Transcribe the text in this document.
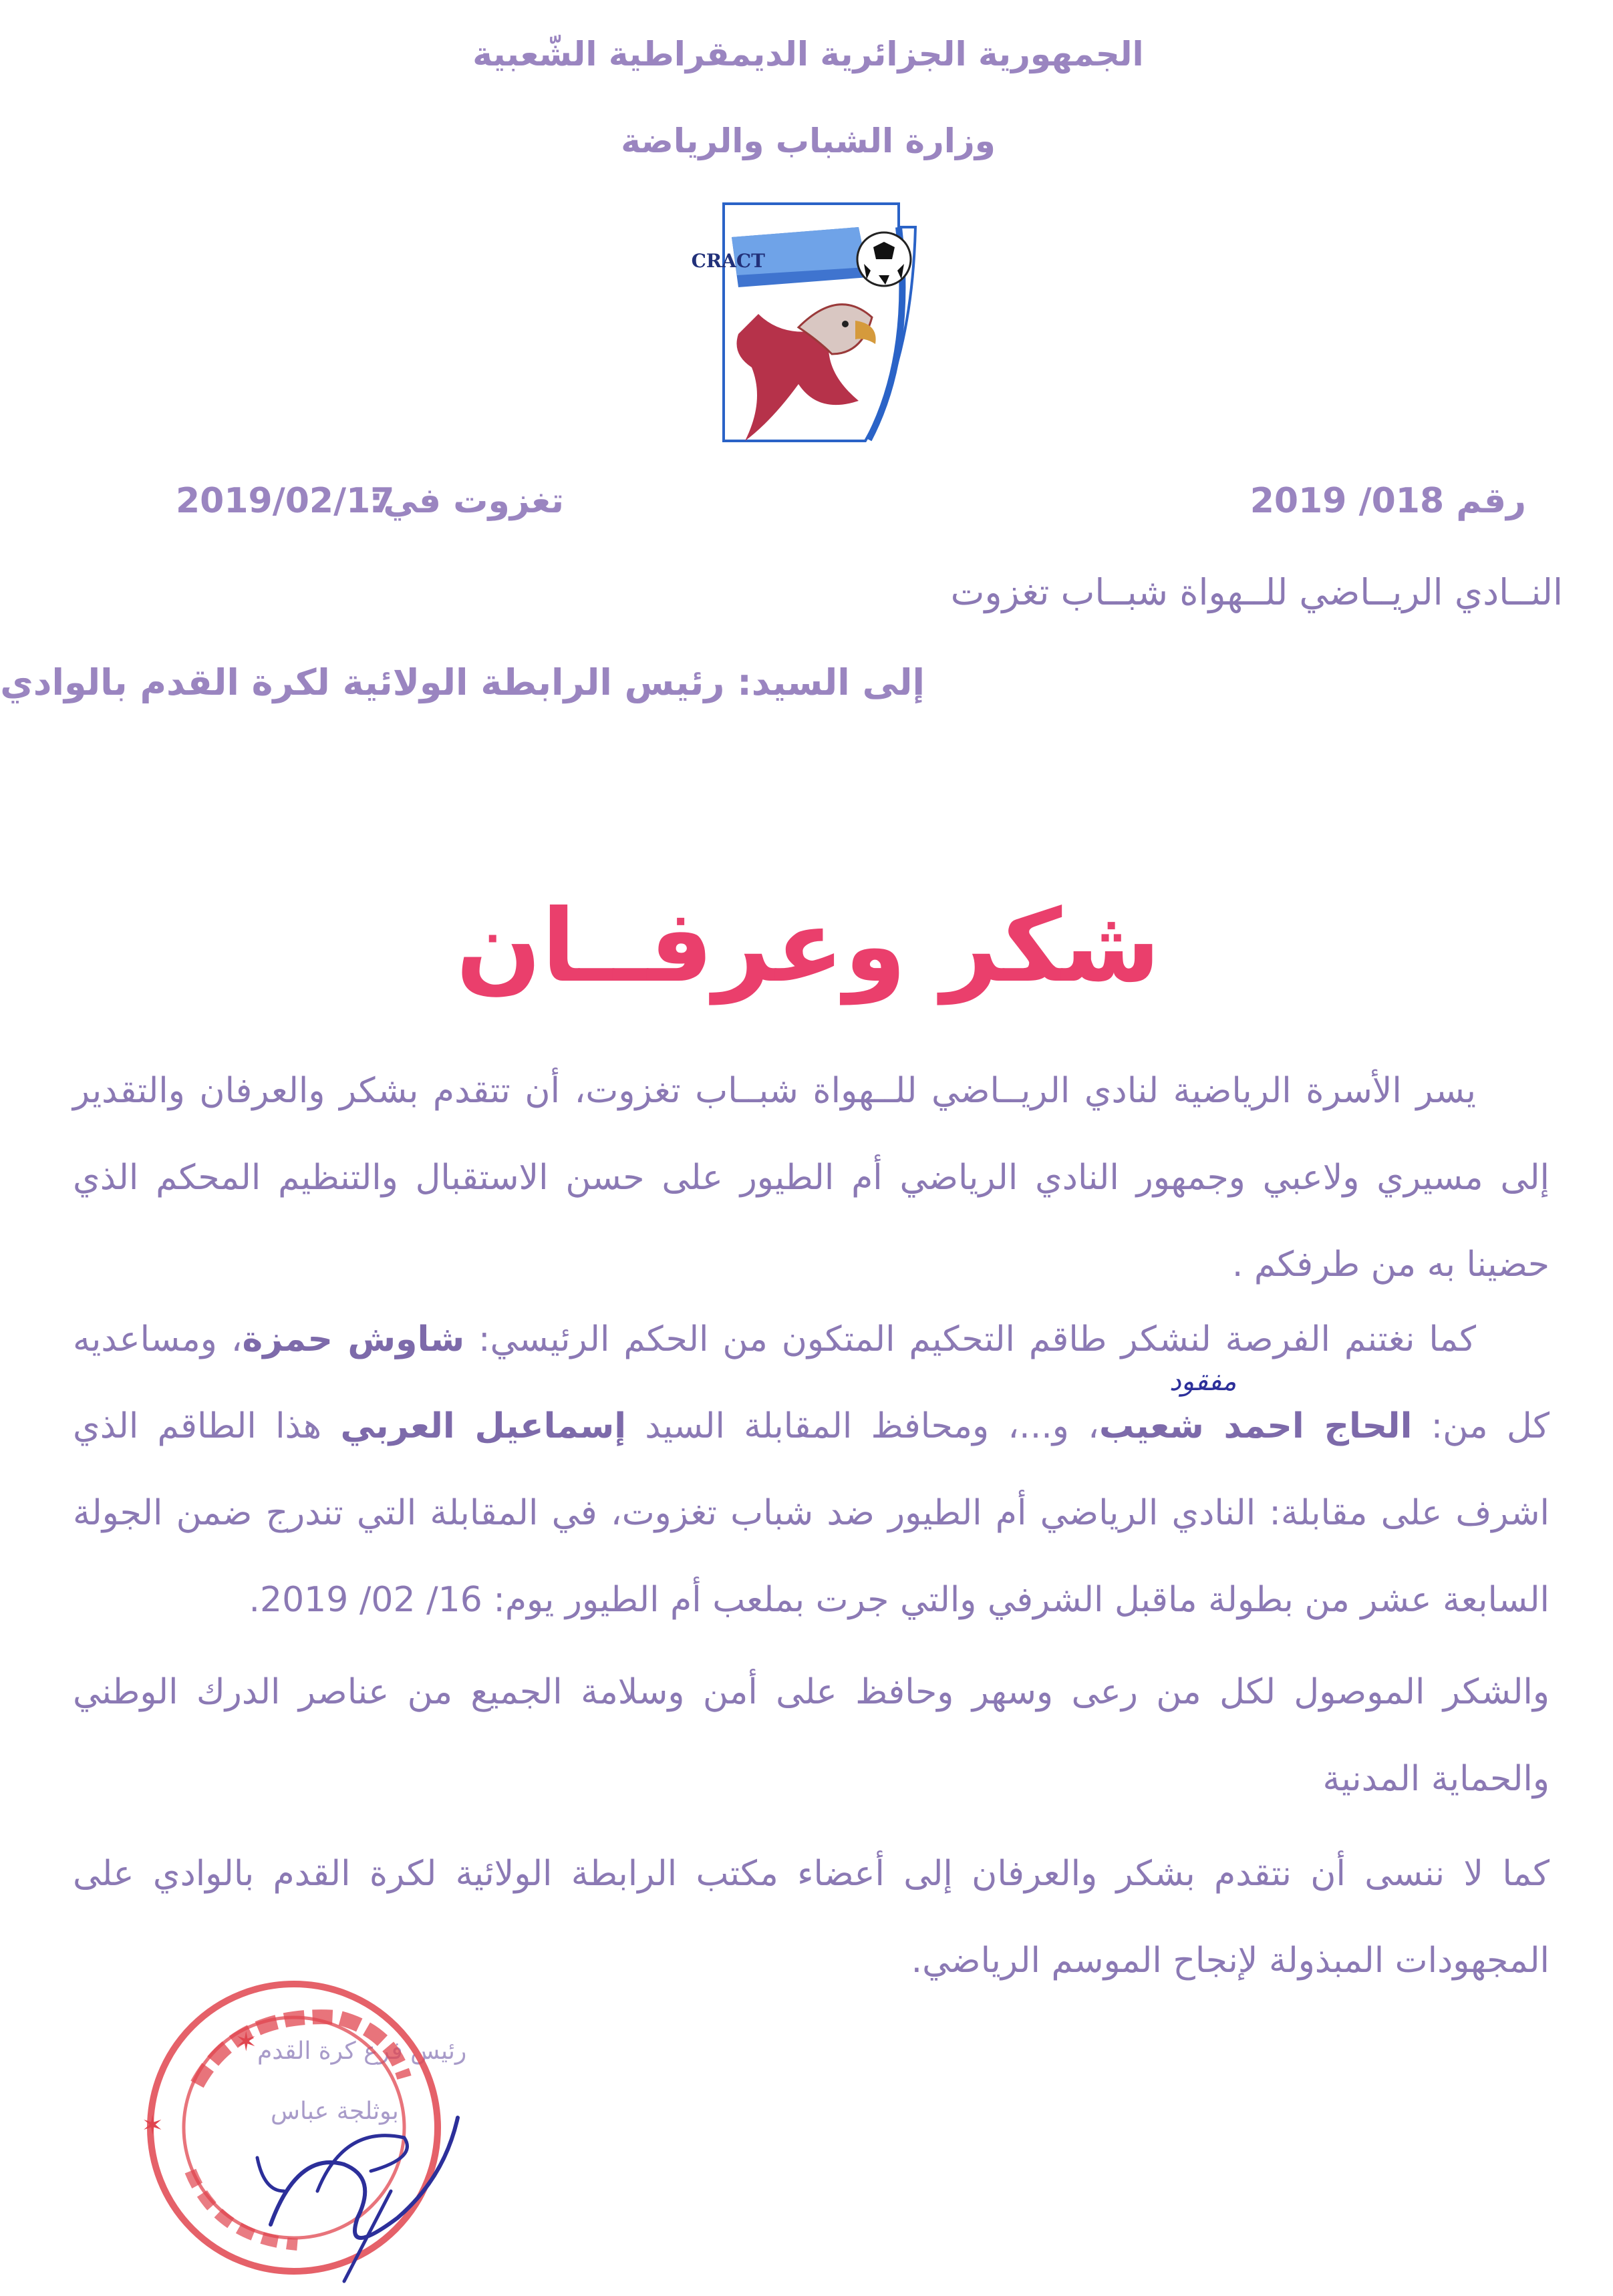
الجمهورية الجزائرية الديمقراطية الشّعبية
وزارة الشباب والرياضة
CRACT
رقم 018/ 2019
تغزوت في:
2019/02/17
النــادي الريــاضي للــهواة شبــاب تغزوت
إلى السيد: رئيس الرابطة الولائية لكرة القدم بالوادي
شكر وعرفــان
يسر الأسرة الرياضية لنادي الريــاضي للــهواة شبــاب تغزوت، أن تتقدم بشكر والعرفان والتقدير إلى مسيري ولاعبي وجمهور النادي الرياضي أم الطيور على حسن الاستقبال والتنظيم المحكم الذي حضينا به من طرفكم .
كما نغتنم الفرصة لنشكر طاقم التحكيم المتكون من الحكم الرئيسي: شاوش حمزة، ومساعديه كل من: الحاج احمد شعيب، و...، ومحافظ المقابلة السيد إسماعيل العربي هذا الطاقم الذي اشرف على مقابلة: النادي الرياضي أم الطيور ضد شباب تغزوت، في المقابلة التي تندرج ضمن الجولة السابعة عشر من بطولة ماقبل الشرفي والتي جرت بملعب أم الطيور يوم: 16/ 02/ 2019.
مفقود
والشكر الموصول لكل من رعى وسهر وحافظ على أمن وسلامة الجميع من عناصر الدرك الوطني والحماية المدنية
كما لا ننسى أن نتقدم بشكر والعرفان إلى أعضاء مكتب الرابطة الولائية لكرة القدم بالوادي على المجهودات المبذولة لإنجاح الموسم الرياضي.
رئيس فرع كرة القدم
بوثلجة عباس
✶
✶
